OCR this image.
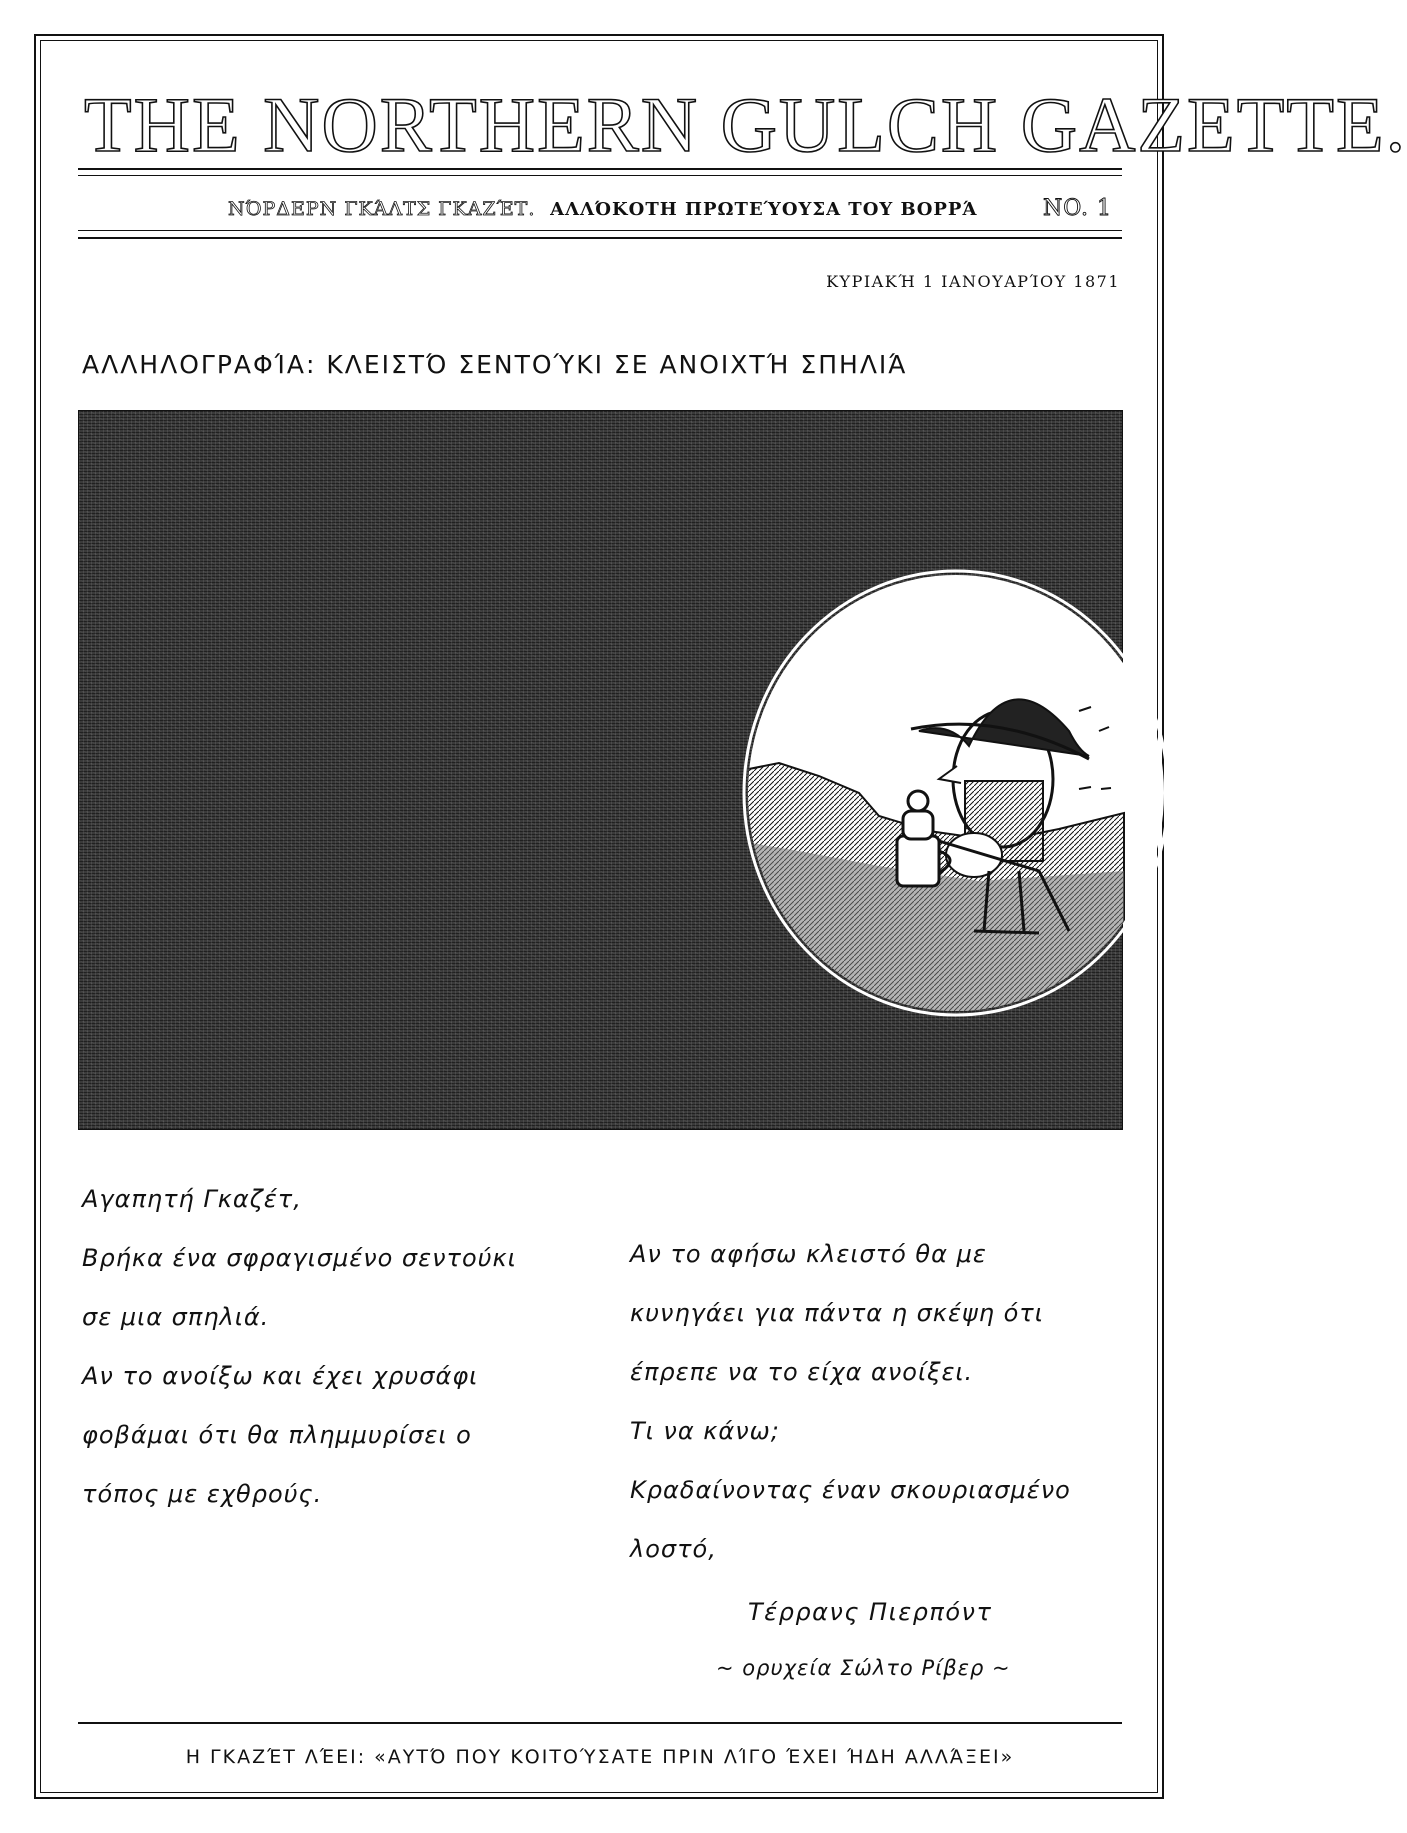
THE NORTHERN GULCH GAZETTE.
ΝΌΡΔΕΡΝ ΓΚΆΛΤΣ ΓΚΑΖΈΤ. ΑΛΛΌΚΟΤΗ ΠΡΩΤΕΎΟΥΣΑ ΤΟΥ ΒΟΡΡΆ	NO. 1
ΚΥΡΙΑΚΉ 1 ΙΑΝΟΥΑΡΊΟΥ 1871
ΑΛΛΗΛΟΓΡΑΦΊΑ: ΚΛΕΙΣΤΌ ΣΕΝΤΟΎΚΙ ΣΕ ΑΝΟΙΧΤΉ ΣΠΗΛΙΆ

Αγαπητή Γκαζέτ,

Βρήκα ένα σφραγισμένο σεντούκι

σε μια σπηλιά.

Αν το ανοίξω και έχει χρυσάφι

φοβάμαι ότι θα πλημμυρίσει ο

τόπος με εχθρούς.

Αν το αφήσω κλειστό θα με

κυνηγάει για πάντα η σκέψη ότι

έπρεπε να το είχα ανοίξει.

Τι να κάνω;

Κραδαίνοντας έναν σκουριασμένο

λοστό,

Τέρρανς Πιερπόντ
~ ορυχεία Σώλτο Ρίβερ ~
Η ΓΚΑΖΈΤ ΛΈΕΙ: «ΑΥΤΌ ΠΟΥ ΚΟΙΤΟΎΣΑΤΕ ΠΡΙΝ ΛΊΓΟ ΈΧΕΙ ΉΔΗ ΑΛΛΆΞΕΙ»
